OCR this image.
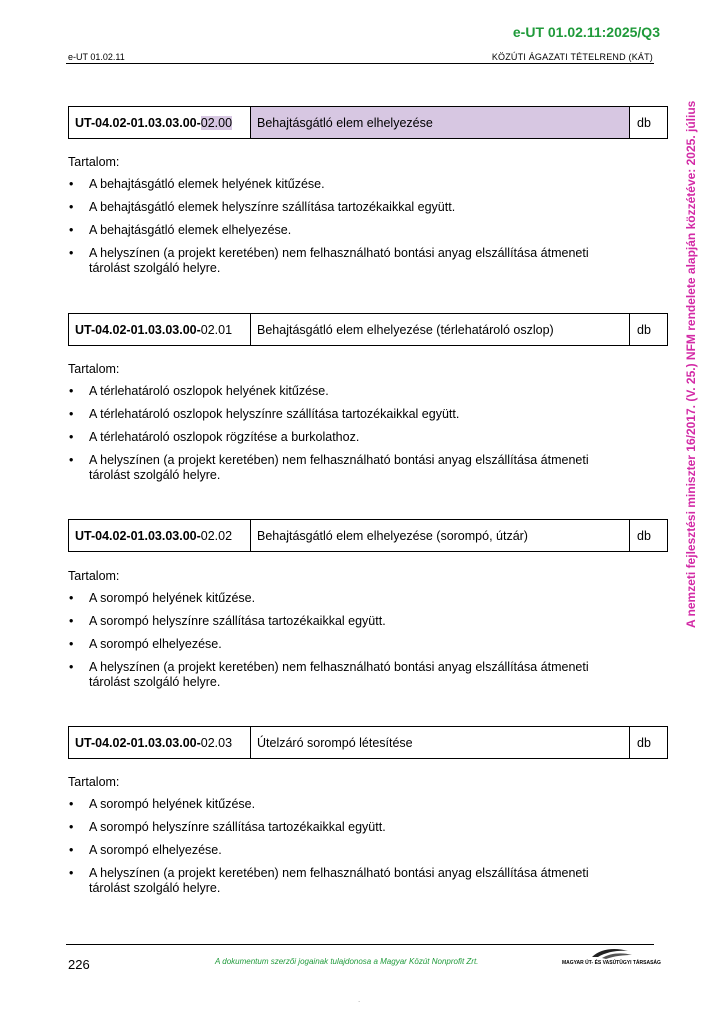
e-UT 01.02.11:2025/Q3
e-UT 01.02.11	KÖZÚTI ÁGAZATI TÉTELREND (KÁT)
A nemzeti fejlesztési miniszter 16/2017. (V. 25.) NFM rendelete alapján közzétéve: 2025. július
UT-04.02-01.03.03.00- 02.00	Behajtásgátló elem elhelyezése	db
Tartalom:
• A behajtásgátló elemek helyének kitűzése.
• A behajtásgátló elemek helyszínre szállítása tartozékaikkal együtt.
• A behajtásgátló elemek elhelyezése.
• A helyszínen (a projekt keretében) nem felhasználható bontási anyag elszállítása átmeneti tárolást szolgáló helyre.
UT-04.02-01.03.03.00- 02.01	Behajtásgátló elem elhelyezése (térlehatároló oszlop)	db
Tartalom:
• A térlehatároló oszlopok helyének kitűzése.
• A térlehatároló oszlopok helyszínre szállítása tartozékaikkal együtt.
• A térlehatároló oszlopok rögzítése a burkolathoz.
• A helyszínen (a projekt keretében) nem felhasználható bontási anyag elszállítása átmeneti tárolást szolgáló helyre.
UT-04.02-01.03.03.00- 02.02	Behajtásgátló elem elhelyezése (sorompó, útzár)	db
Tartalom:
• A sorompó helyének kitűzése.
• A sorompó helyszínre szállítása tartozékaikkal együtt.
• A sorompó elhelyezése.
• A helyszínen (a projekt keretében) nem felhasználható bontási anyag elszállítása átmeneti tárolást szolgáló helyre.
UT-04.02-01.03.03.00- 02.03	Útelzáró sorompó létesítése	db
Tartalom:
• A sorompó helyének kitűzése.
• A sorompó helyszínre szállítása tartozékaikkal együtt.
• A sorompó elhelyezése.
• A helyszínen (a projekt keretében) nem felhasználható bontási anyag elszállítása átmeneti tárolást szolgáló helyre.
226	A dokumentum szerzői jogainak tulajdonosa a Magyar Közút Nonprofit Zrt.	MAGYAR ÚT- ÉS VASÚTÜGYI TÁRSASÁG
.
